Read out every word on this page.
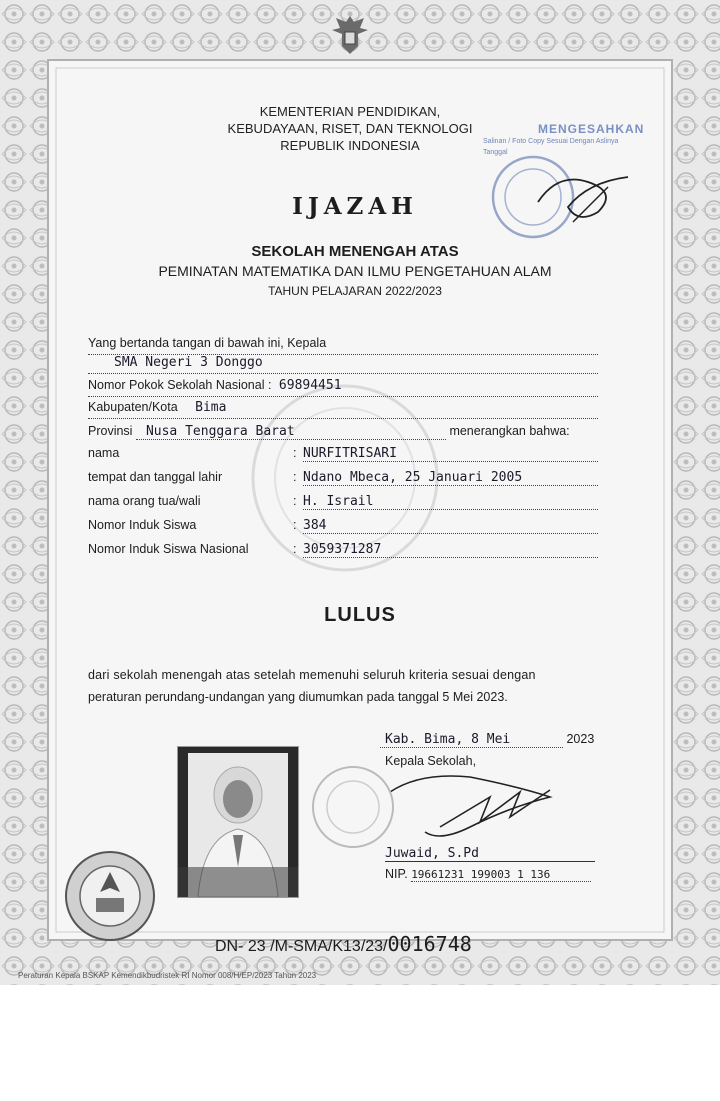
KEMENTERIAN PENDIDIKAN,
KEBUDAYAAN, RISET, DAN TEKNOLOGI
REPUBLIK INDONESIA
MENGESAHKAN
Salinan / Foto Copy Sesuai Dengan Aslinya
Tanggal
IJAZAH
SEKOLAH MENENGAH ATAS
PEMINATAN MATEMATIKA DAN ILMU PENGETAHUAN ALAM
TAHUN PELAJARAN 2022/2023
Yang bertanda tangan di bawah ini, Kepala
SMA Negeri 3 Donggo
Nomor Pokok Sekolah Nasional : 69894451
Kabupaten/Kota Bima
Provinsi Nusa Tenggara Barat	menerangkan bahwa:
nama	: NURFITRISARI
tempat dan tanggal lahir	: Ndano Mbeca, 25 Januari 2005
nama orang tua/wali	: H. Israil
Nomor Induk Siswa	: 384
Nomor Induk Siswa Nasional	: 3059371287
LULUS
dari sekolah menengah atas setelah memenuhi seluruh kriteria sesuai dengan
peraturan perundang-undangan yang diumumkan pada tanggal 5 Mei 2023.
Kab. Bima, 8 Mei	2023
Kepala Sekolah,
Juwaid, S.Pd
NIP. 19661231 199003 1 136
DN- 23 /M-SMA/K13/23/0016748
Peraturan Kepala BSKAP Kemendikbudristek RI Nomor 008/H/EP/2023 Tahun 2023
